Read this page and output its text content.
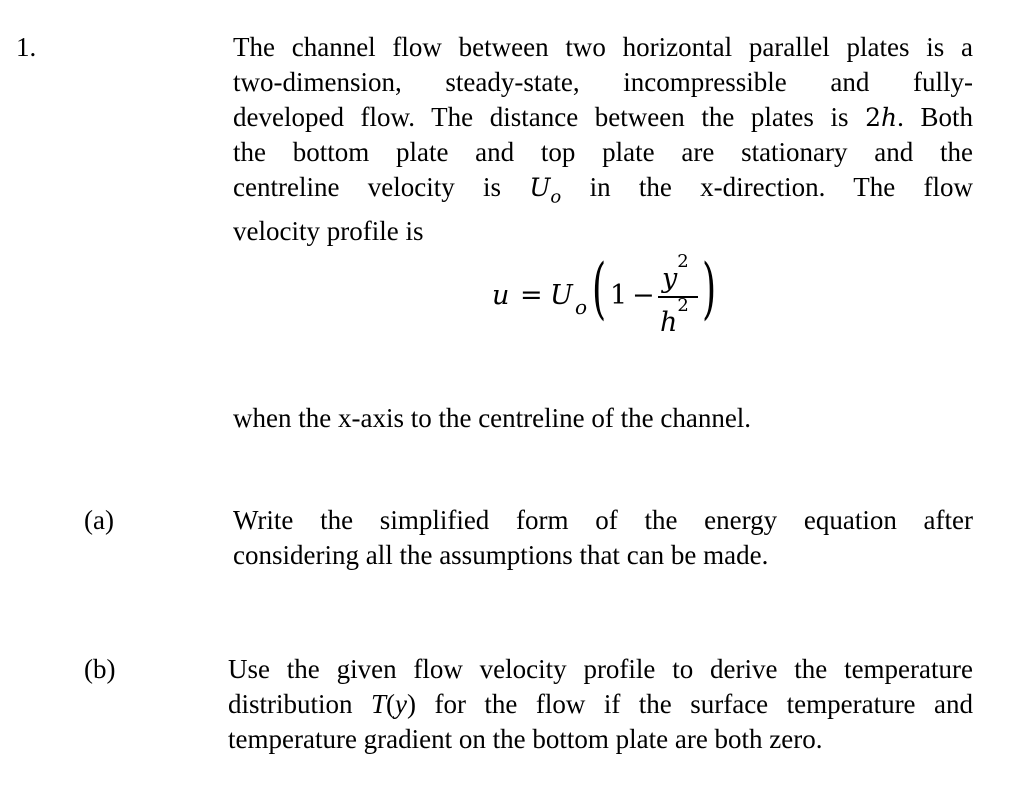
1.	The channel flow between two horizontal parallel plates is a
two-dimension, steady-state, incompressible and fully-
developed flow. The distance between the plates is 2h. Both
the bottom plate and top plate are stationary and the
centreline velocity is $U_o$ in the x-direction. The flow
velocity profile is
u = U o ( 1 −
$y^2$
$h^2$ )
when the x-axis to the centreline of the channel.
(a)	Write the simplified form of the energy equation after
considering all the assumptions that can be made.
(b)	Use the given flow velocity profile to derive the temperature
distribution T(y) for the flow if the surface temperature and
temperature gradient on the bottom plate are both zero.
